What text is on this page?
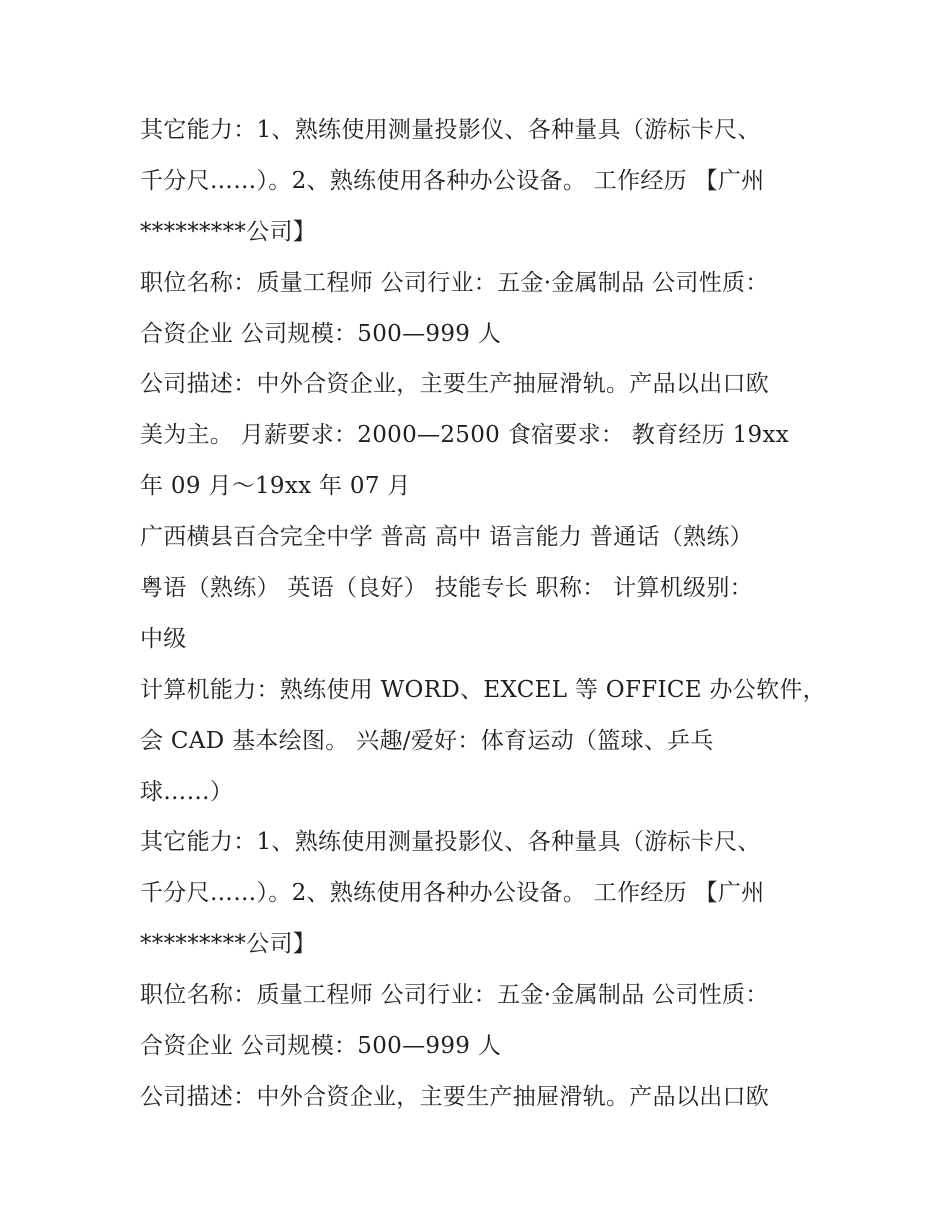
其它能力：1、熟练使用测量投影仪、各种量具（游标卡尺、
千分尺……）。2、熟练使用各种办公设备。 工作经历 【广州
*********公司】
职位名称：质量工程师 公司行业：五金·金属制品 公司性质：
合资企业 公司规模：500—999 人
公司描述：中外合资企业，主要生产抽屉滑轨。产品以出口欧
美为主。 月薪要求：2000—2500 食宿要求： 教育经历 19xx
年 09 月～19xx 年 07 月
广西横县百合完全中学 普高 高中 语言能力 普通话（熟练）
粤语（熟练） 英语（良好） 技能专长 职称： 计算机级别：
中级
计算机能力：熟练使用 WORD、EXCEL 等 OFFICE 办公软件，
会 CAD 基本绘图。 兴趣/爱好：体育运动（篮球、乒乓
球……）
其它能力：1、熟练使用测量投影仪、各种量具（游标卡尺、
千分尺……）。2、熟练使用各种办公设备。 工作经历 【广州
*********公司】
职位名称：质量工程师 公司行业：五金·金属制品 公司性质：
合资企业 公司规模：500—999 人
公司描述：中外合资企业，主要生产抽屉滑轨。产品以出口欧
